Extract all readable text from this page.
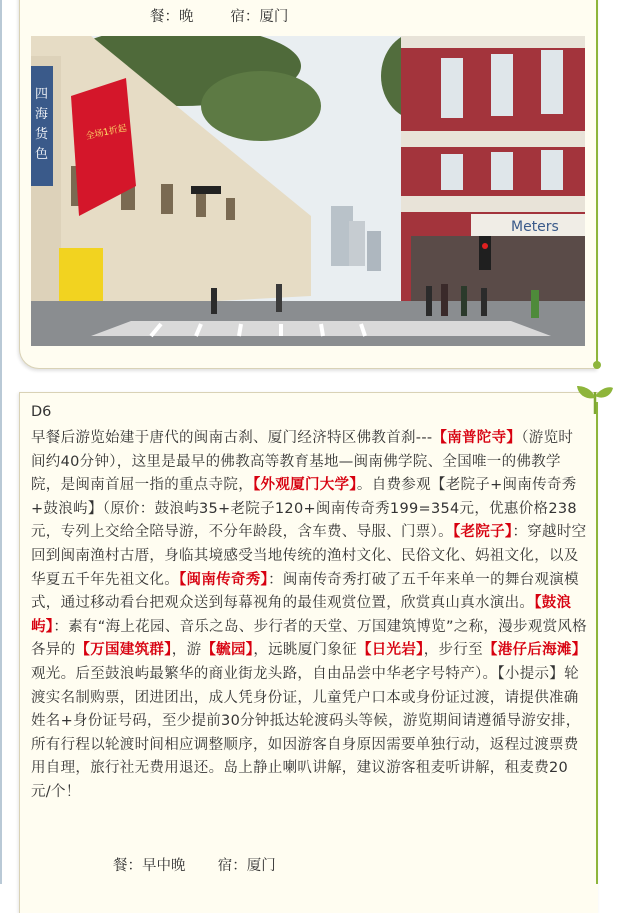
餐：晚	宿：厦门
四
海
货
色
全场1折起
Meters
D6
早餐后游览始建于唐代的闽南古刹、厦门经济特区佛教首刹---【南普陀寺】（游览时间约40分钟），这里是最早的佛教高等教育基地—闽南佛学院、全国唯一的佛教学院，是闽南首屈一指的重点寺院，【外观厦门大学】。自费参观【老院子+闽南传奇秀+鼓浪屿】（原价：鼓浪屿35+老院子120+闽南传奇秀199=354元，优惠价格238元，专列上交给全陪导游，不分年龄段，含车费、导服、门票）。【老院子】：穿越时空回到闽南渔村古厝，身临其境感受当地传统的渔村文化、民俗文化、妈祖文化，以及华夏五千年先祖文化。【闽南传奇秀】：闽南传奇秀打破了五千年来单一的舞台观演模式，通过移动看台把观众送到每幕视角的最佳观赏位置，欣赏真山真水演出。【鼓浪屿】：素有“海上花园、音乐之岛、步行者的天堂、万国建筑博览”之称，漫步观赏风格各异的【万国建筑群】，游【毓园】，远眺厦门象征【日光岩】，步行至【港仔后海滩】观光。后至鼓浪屿最繁华的商业街龙头路，自由品尝中华老字号特产）。【小提示】轮渡实名制购票，团进团出，成人凭身份证，儿童凭户口本或身份证过渡，请提供准确姓名+身份证号码，至少提前30分钟抵达轮渡码头等候，游览期间请遵循导游安排，所有行程以轮渡时间相应调整顺序，如因游客自身原因需要单独行动，返程过渡票费用自理，旅行社无费用退还。岛上静止喇叭讲解，建议游客租麦听讲解，租麦费20元/个！
餐：早中晚 宿：厦门
